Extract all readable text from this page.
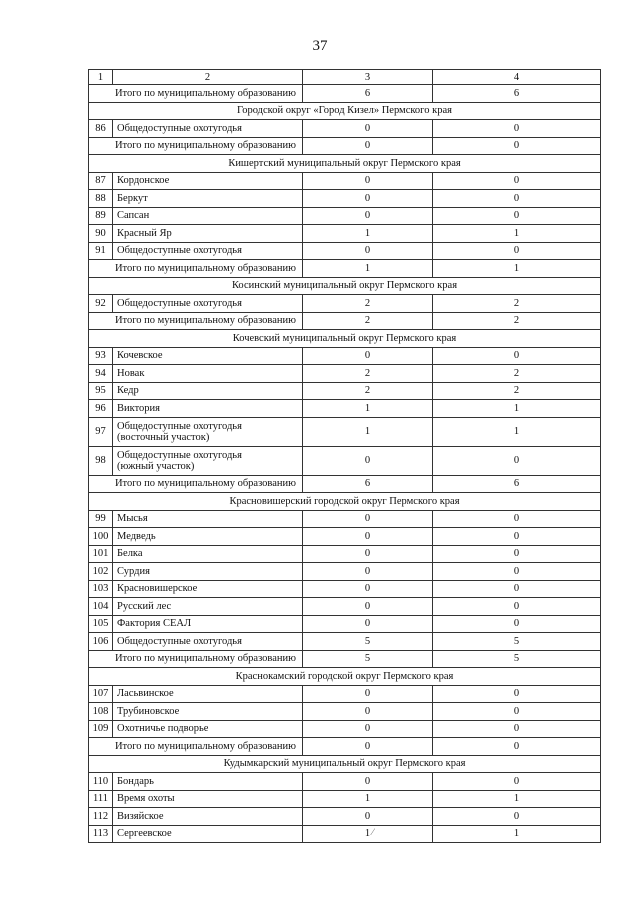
37
1	2	3	4
Итого по муниципальному образованию		6	6
Городской округ «Город Кизел» Пермского края			
86	Общедоступные охотугодья	0	0
Итого по муниципальному образованию		0	0
Кишертский муниципальный округ Пермского края			
87	Кордонское	0	0
88	Беркут	0	0
89	Сапсан	0	0
90	Красный Яр	1	1
91	Общедоступные охотугодья	0	0
Итого по муниципальному образованию		1	1
Косинский муниципальный округ Пермского края			
92	Общедоступные охотугодья	2	2
Итого по муниципальному образованию		2	2
Кочевский муниципальный округ Пермского края			
93	Кочевское	0	0
94	Новак	2	2
95	Кедр	2	2
96	Виктория	1	1
97	Общедоступные охотугодья
(восточный участок)	1	1
98	Общедоступные охотугодья
(южный участок)	0	0
Итого по муниципальному образованию		6	6
Красновишерский городской округ Пермского края			
99	Мысья	0	0
100	Медведь	0	0
101	Белка	0	0
102	Сурдия	0	0
103	Красновишерское	0	0
104	Русский лес	0	0
105	Фактория СЕАЛ	0	0
106	Общедоступные охотугодья	5	5
Итого по муниципальному образованию		5	5
Краснокамский городской округ Пермского края			
107	Ласьвинское	0	0
108	Трубиновское	0	0
109	Охотничье подворье	0	0
Итого по муниципальному образованию		0	0
Кудымкарский муниципальный округ Пермского края			
110	Бондарь	0	0
111	Время охоты	1	1
112	Визяйское	0	0
113	Сергеевское	1	1
⁄
